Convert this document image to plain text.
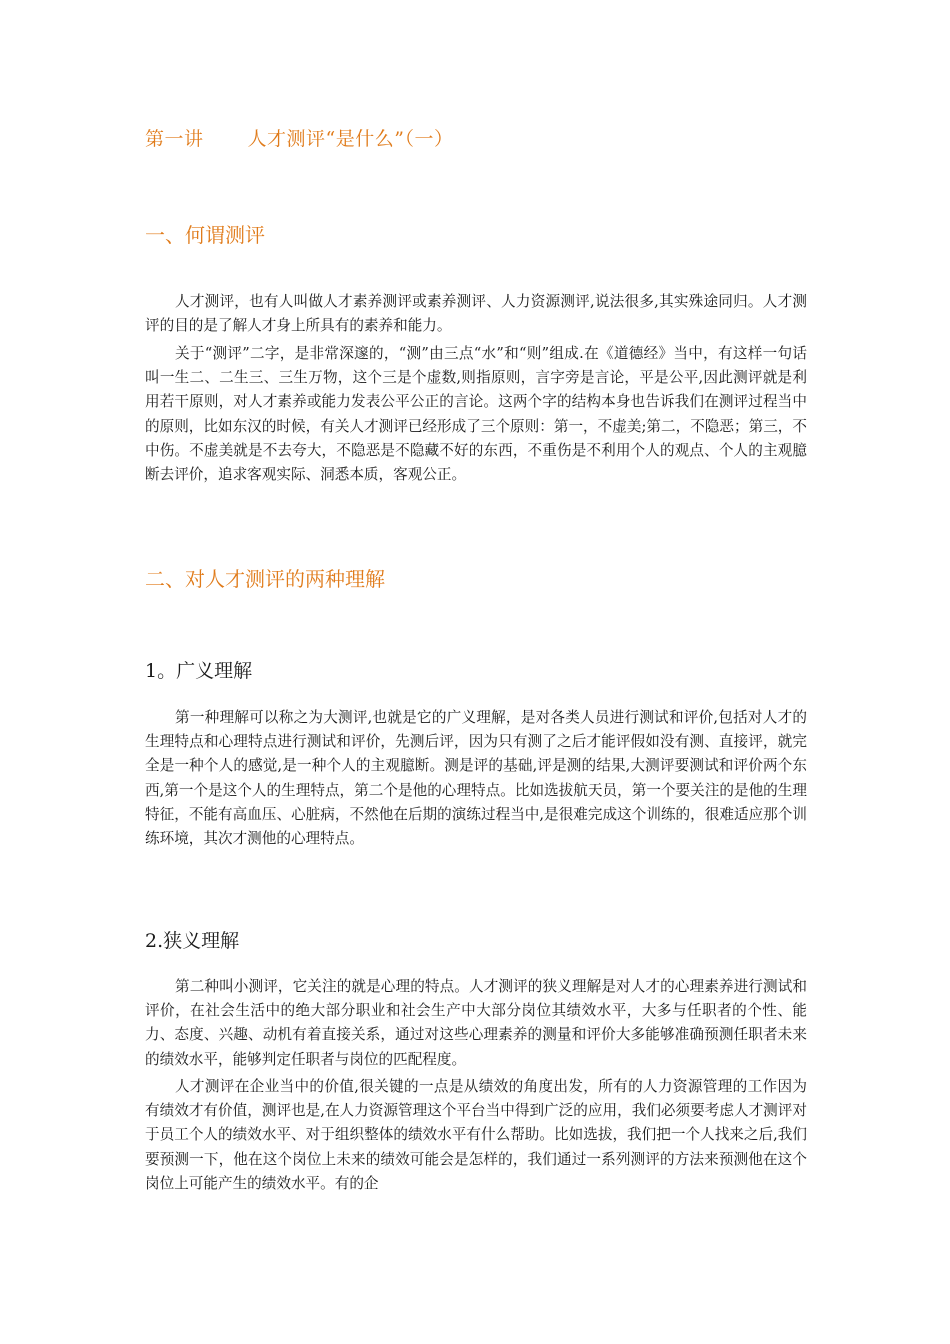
第一讲 人才测评“是什么”（一）
一、何谓测评

人才测评，也有人叫做人才素养测评或素养测评、人力资源测评,说法很多,其实殊途同归。人才测评的目的是了解人才身上所具有的素养和能力。

关于“测评”二字，是非常深邃的，“测”由三点“水”和“则”组成.在《道德经》当中，有这样一句话叫一生二、二生三、三生万物，这个三是个虚数,则指原则，言字旁是言论，平是公平,因此测评就是利用若干原则，对人才素养或能力发表公平公正的言论。这两个字的结构本身也告诉我们在测评过程当中的原则，比如东汉的时候，有关人才测评已经形成了三个原则：第一，不虚美;第二，不隐恶；第三，不中伤。不虚美就是不去夸大，不隐恶是不隐藏不好的东西，不重伤是不利用个人的观点、个人的主观臆断去评价，追求客观实际、洞悉本质，客观公正。

二、对人才测评的两种理解
1。广义理解

第一种理解可以称之为大测评,也就是它的广义理解，是对各类人员进行测试和评价,包括对人才的生理特点和心理特点进行测试和评价，先测后评，因为只有测了之后才能评假如没有测、直接评，就完全是一种个人的感觉,是一种个人的主观臆断。测是评的基础,评是测的结果,大测评要测试和评价两个东西,第一个是这个人的生理特点，第二个是他的心理特点。比如选拔航天员，第一个要关注的是他的生理特征，不能有高血压、心脏病，不然他在后期的演练过程当中,是很难完成这个训练的，很难适应那个训练环境，其次才测他的心理特点。

2.狭义理解

第二种叫小测评，它关注的就是心理的特点。人才测评的狭义理解是对人才的心理素养进行测试和评价，在社会生活中的绝大部分职业和社会生产中大部分岗位其绩效水平，大多与任职者的个性、能力、态度、兴趣、动机有着直接关系，通过对这些心理素养的测量和评价大多能够准确预测任职者未来的绩效水平，能够判定任职者与岗位的匹配程度。

人才测评在企业当中的价值,很关键的一点是从绩效的角度出发，所有的人力资源管理的工作因为有绩效才有价值，测评也是,在人力资源管理这个平台当中得到广泛的应用，我们必须要考虑人才测评对于员工个人的绩效水平、对于组织整体的绩效水平有什么帮助。比如选拔，我们把一个人找来之后,我们要预测一下，他在这个岗位上未来的绩效可能会是怎样的，我们通过一系列测评的方法来预测他在这个岗位上可能产生的绩效水平。有的企
